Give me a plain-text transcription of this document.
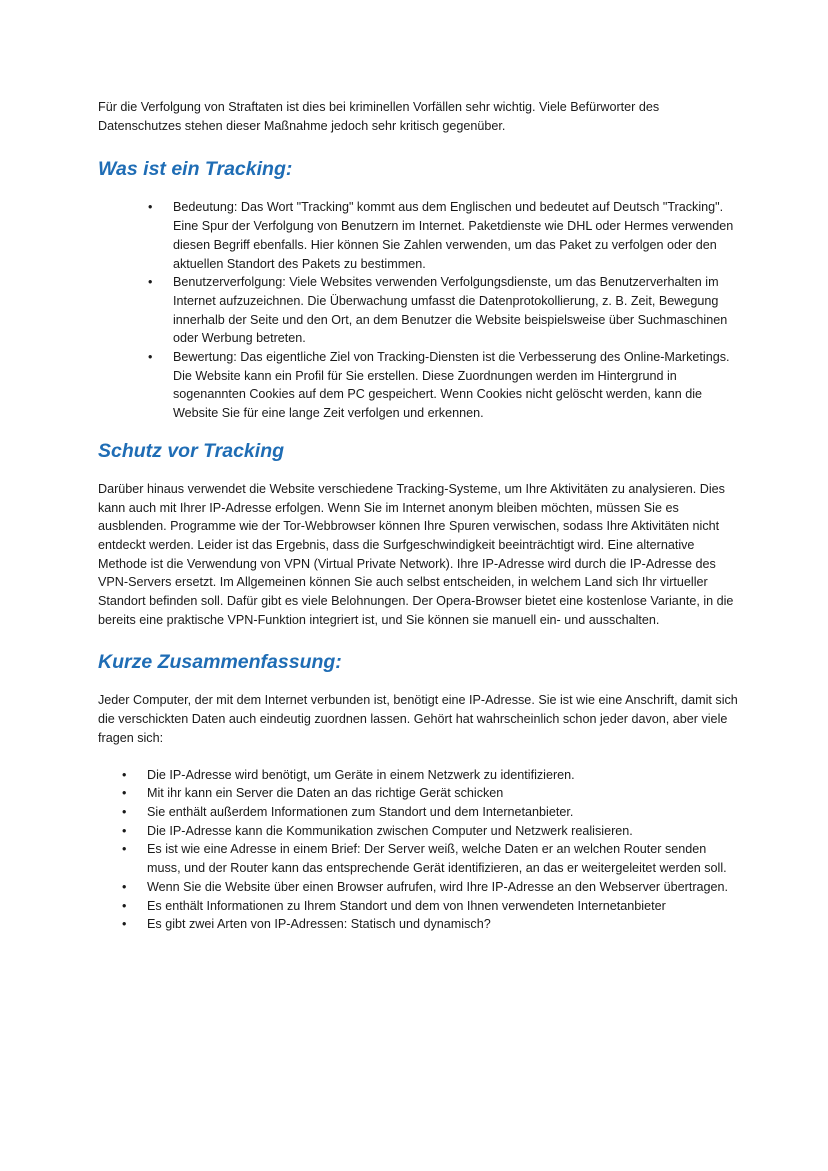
Für die Verfolgung von Straftaten ist dies bei kriminellen Vorfällen sehr wichtig. Viele Befürworter des Datenschutzes stehen dieser Maßnahme jedoch sehr kritisch gegenüber.

Was ist ein Tracking:
• Bedeutung: Das Wort "Tracking" kommt aus dem Englischen und bedeutet auf Deutsch "Tracking". Eine Spur der Verfolgung von Benutzern im Internet. Paketdienste wie DHL oder Hermes verwenden diesen Begriff ebenfalls. Hier können Sie Zahlen verwenden, um das Paket zu verfolgen oder den aktuellen Standort des Pakets zu bestimmen.
• Benutzerverfolgung: Viele Websites verwenden Verfolgungsdienste, um das Benutzerverhalten im Internet aufzuzeichnen. Die Überwachung umfasst die Datenprotokollierung, z. B. Zeit, Bewegung innerhalb der Seite und den Ort, an dem Benutzer die Website beispielsweise über Suchmaschinen oder Werbung betreten.
• Bewertung: Das eigentliche Ziel von Tracking-Diensten ist die Verbesserung des Online-Marketings. Die Website kann ein Profil für Sie erstellen. Diese Zuordnungen werden im Hintergrund in sogenannten Cookies auf dem PC gespeichert. Wenn Cookies nicht gelöscht werden, kann die Website Sie für eine lange Zeit verfolgen und erkennen.
Schutz vor Tracking

Darüber hinaus verwendet die Website verschiedene Tracking-Systeme, um Ihre Aktivitäten zu analysieren. Dies kann auch mit Ihrer IP-Adresse erfolgen. Wenn Sie im Internet anonym bleiben möchten, müssen Sie es ausblenden. Programme wie der Tor-Webbrowser können Ihre Spuren verwischen, sodass Ihre Aktivitäten nicht entdeckt werden. Leider ist das Ergebnis, dass die Surfgeschwindigkeit beeinträchtigt wird. Eine alternative Methode ist die Verwendung von VPN (Virtual Private Network). Ihre IP-Adresse wird durch die IP-Adresse des VPN-Servers ersetzt. Im Allgemeinen können Sie auch selbst entscheiden, in welchem Land sich Ihr virtueller Standort befinden soll. Dafür gibt es viele Belohnungen. Der Opera-Browser bietet eine kostenlose Variante, in die bereits eine praktische VPN-Funktion integriert ist, und Sie können sie manuell ein- und ausschalten.

Kurze Zusammenfassung:

Jeder Computer, der mit dem Internet verbunden ist, benötigt eine IP-Adresse. Sie ist wie eine Anschrift, damit sich die verschickten Daten auch eindeutig zuordnen lassen. Gehört hat wahrscheinlich schon jeder davon, aber viele fragen sich:

• Die IP-Adresse wird benötigt, um Geräte in einem Netzwerk zu identifizieren.
• Mit ihr kann ein Server die Daten an das richtige Gerät schicken
• Sie enthält außerdem Informationen zum Standort und dem Internetanbieter.
• Die IP-Adresse kann die Kommunikation zwischen Computer und Netzwerk realisieren.
• Es ist wie eine Adresse in einem Brief: Der Server weiß, welche Daten er an welchen Router senden muss, und der Router kann das entsprechende Gerät identifizieren, an das er weitergeleitet werden soll.
• Wenn Sie die Website über einen Browser aufrufen, wird Ihre IP-Adresse an den Webserver übertragen.
• Es enthält Informationen zu Ihrem Standort und dem von Ihnen verwendeten Internetanbieter
• Es gibt zwei Arten von IP-Adressen: Statisch und dynamisch?
